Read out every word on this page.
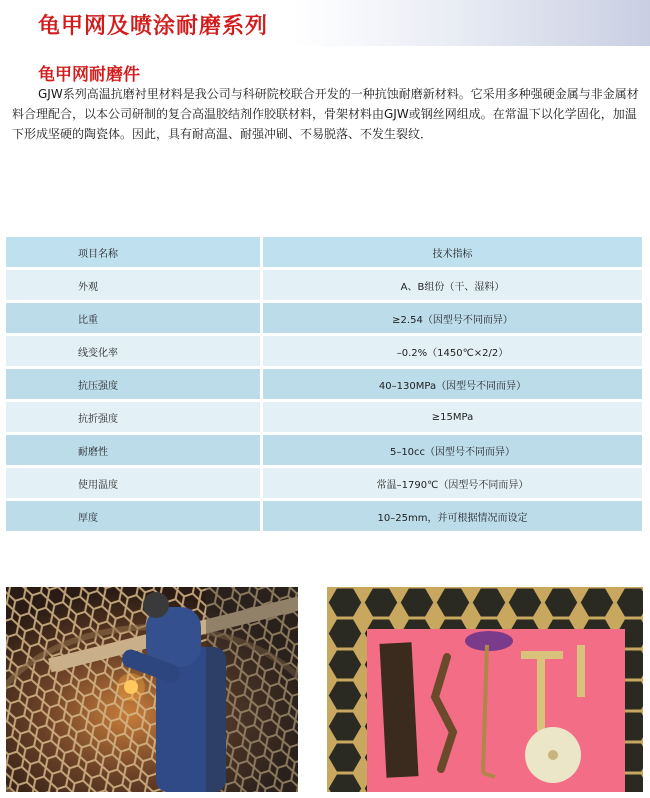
龟甲网及喷涂耐磨系列
龟甲网耐磨件
GJW系列高温抗磨衬里材料是我公司与科研院校联合开发的一种抗蚀耐磨新材料。它采用多种强硬金属与非金属材料合理配合，以本公司研制的复合高温胶结剂作胶联材料，骨架材料由GJW或钢丝网组成。在常温下以化学固化，加温下形成坚硬的陶瓷体。因此，具有耐高温、耐强冲刷、不易脱落、不发生裂纹．
项目名称	技术指标
外观	A、B组份（干、湿料）
比重	≥2.54（因型号不同而异）
线变化率	–0.2%（1450℃×2/2）
抗压强度	40–130MPa（因型号不同而异）
抗折强度	≥15MPa
耐磨性	5–10cc（因型号不同而异）
使用温度	常温–1790℃（因型号不同而异）
厚度	10–25mm，并可根据情况而设定
